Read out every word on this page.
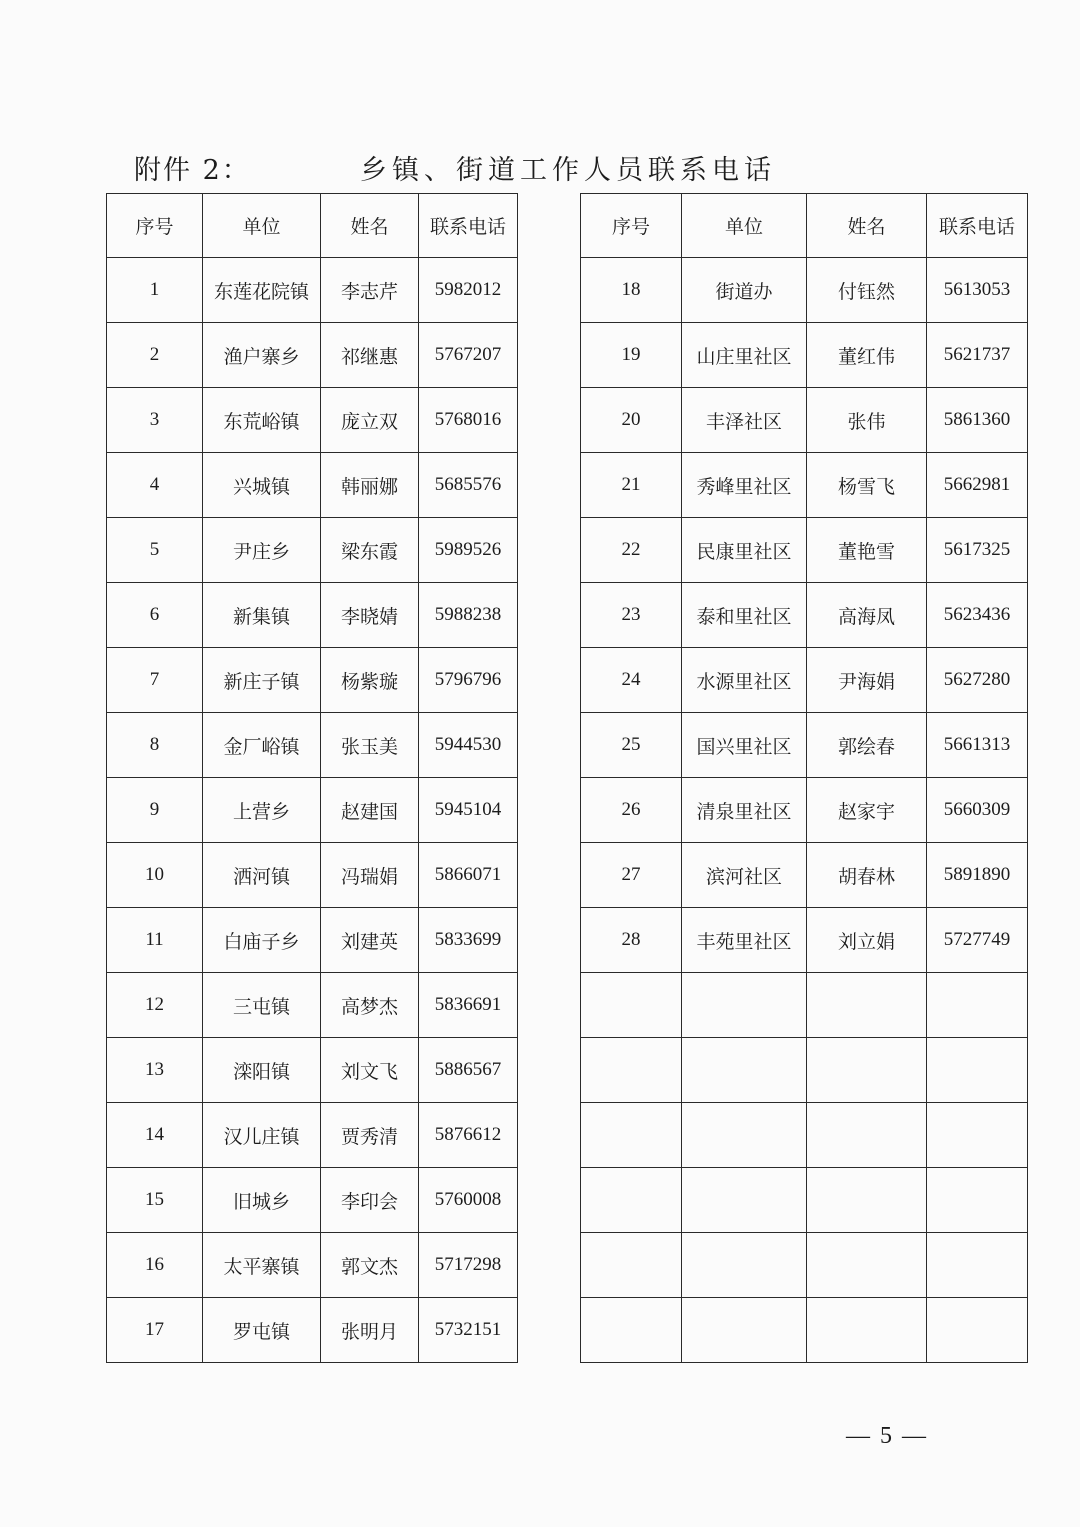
附件 2：	乡镇、街道工作人员联系电话
序号	单位	姓名	联系电话
1	东莲花院镇	李志芹	5982012
2	渔户寨乡	祁继惠	5767207
3	东荒峪镇	庞立双	5768016
4	兴城镇	韩丽娜	5685576
5	尹庄乡	梁东霞	5989526
6	新集镇	李晓婧	5988238
7	新庄子镇	杨紫璇	5796796
8	金厂峪镇	张玉美	5944530
9	上营乡	赵建国	5945104
10	洒河镇	冯瑞娟	5866071
11	白庙子乡	刘建英	5833699
12	三屯镇	高梦杰	5836691
13	滦阳镇	刘文飞	5886567
14	汉儿庄镇	贾秀清	5876612
15	旧城乡	李印会	5760008
16	太平寨镇	郭文杰	5717298
17	罗屯镇	张明月	5732151
序号	单位	姓名	联系电话
18	街道办	付钰然	5613053
19	山庄里社区	董红伟	5621737
20	丰泽社区	张伟	5861360
21	秀峰里社区	杨雪飞	5662981
22	民康里社区	董艳雪	5617325
23	泰和里社区	高海凤	5623436
24	水源里社区	尹海娟	5627280
25	国兴里社区	郭绘春	5661313
26	清泉里社区	赵家宇	5660309
27	滨河社区	胡春林	5891890
28	丰苑里社区	刘立娟	5727749

— 5 —
